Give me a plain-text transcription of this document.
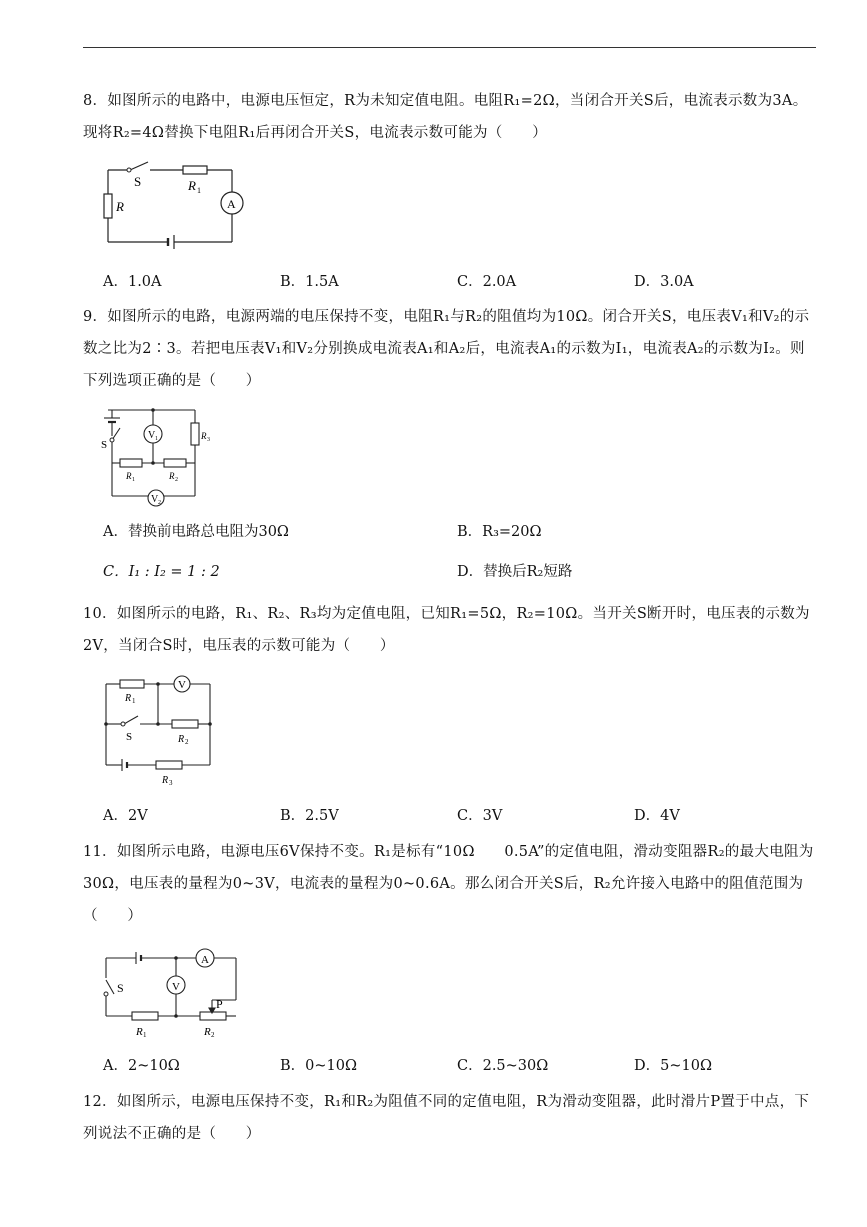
8．如图所示的电路中，电源电压恒定，R为未知定值电阻。电阻R₁=2Ω，当闭合开关S后，电流表示数为3A。现将R₂=4Ω替换下电阻R₁后再闭合开关S，电流表示数可能为（　　）
S	R 1
R	A
A．1.0A	B．1.5A	C．2.0A	D．3.0A
9．如图所示的电路，电源两端的电压保持不变，电阻R₁与R₂的阻值均为10Ω。闭合开关S，电压表V₁和V₂的示数之比为2∶3。若把电压表V₁和V₂分别换成电流表A₁和A₂后，电流表A₁的示数为I₁，电流表A₂的示数为I₂。则下列选项正确的是（　　）
S
V 1
V 2
R 3
R 1	R 2
A．替换前电路总电阻为30Ω	B．R₃=20Ω
C．I₁ : I₂ = 1 : 2	D．替换后R₂短路
10．如图所示的电路，R₁、R₂、R₃均为定值电阻，已知R₁=5Ω，R₂=10Ω。当开关S断开时，电压表的示数为2V，当闭合S时，电压表的示数可能为（　　）
V
R 1
S	R 2
R 3
A．2V	B．2.5V	C．3V	D．4V
11．如图所示电路，电源电压6V保持不变。R₁是标有“10Ω　　0.5A”的定值电阻，滑动变阻器R₂的最大电阻为30Ω，电压表的量程为0~3V，电流表的量程为0~0.6A。那么闭合开关S后，R₂允许接入电路中的阻值范围为（　　）
S
A
V
P
R 1	R 2
A．2~10Ω	B．0~10Ω	C．2.5~30Ω	D．5~10Ω
12．如图所示，电源电压保持不变，R₁和R₂为阻值不同的定值电阻，R为滑动变阻器，此时滑片P置于中点，下列说法不正确的是（　　）
